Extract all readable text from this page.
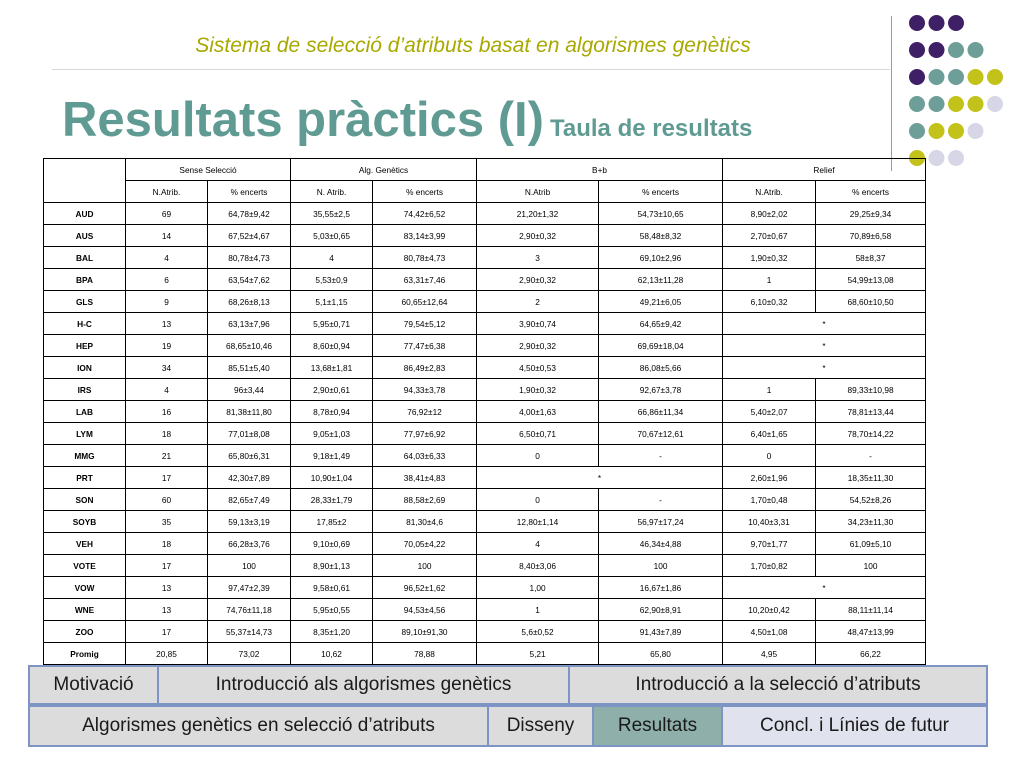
Sistema de selecció d’atributs basat en algorismes genètics
Resultats pràctics (I) Taula de resultats
	Sense Selecció		Alg. Genètics		B+b		Relief	
	N.Atrib.	% encerts	N. Atrib.	% encerts	N.Atrib	% encerts	N.Atrib.	% encerts
AUD	69	64,78±9,42	35,55±2,5	74,42±6,52	21,20±1,32	54,73±10,65	8,90±2,02	29,25±9,34
AUS	14	67,52±4,67	5,03±0,65	83,14±3,99	2,90±0,32	58,48±8,32	2,70±0,67	70,89±6,58
BAL	4	80,78±4,73	4	80,78±4,73	3	69,10±2,96	1,90±0,32	58±8,37
BPA	6	63,54±7,62	5,53±0,9	63,31±7,46	2,90±0,32	62,13±11,28	1	54,99±13,08
GLS	9	68,26±8,13	5,1±1,15	60,65±12,64	2	49,21±6,05	6,10±0,32	68,60±10,50
H-C	13	63,13±7,96	5,95±0,71	79,54±5,12	3,90±0,74	64,65±9,42	*	
HEP	19	68,65±10,46	8,60±0,94	77,47±6,38	2,90±0,32	69,69±18,04	*	
ION	34	85,51±5,40	13,68±1,81	86,49±2,83	4,50±0,53	86,08±5,66	*	
IRS	4	96±3,44	2,90±0,61	94,33±3,78	1,90±0,32	92,67±3,78	1	89,33±10,98
LAB	16	81,38±11,80	8,78±0,94	76,92±12	4,00±1,63	66,86±11,34	5,40±2,07	78,81±13,44
LYM	18	77,01±8,08	9,05±1,03	77,97±6,92	6,50±0,71	70,67±12,61	6,40±1,65	78,70±14,22
MMG	21	65,80±6,31	9,18±1,49	64,03±6,33	0	-	0	-
PRT	17	42,30±7,89	10,90±1,04	38,41±4,83	*		2,60±1,96	18,35±11,30
SON	60	82,65±7,49	28,33±1,79	88,58±2,69	0	-	1,70±0,48	54,52±8,26
SOYB	35	59,13±3,19	17,85±2	81,30±4,6	12,80±1,14	56,97±17,24	10,40±3,31	34,23±11,30
VEH	18	66,28±3,76	9,10±0,69	70,05±4,22	4	46,34±4,88	9,70±1,77	61,09±5,10
VOTE	17	100	8,90±1,13	100	8,40±3,06	100	1,70±0,82	100
VOW	13	97,47±2,39	9,58±0,61	96,52±1,62	1,00	16,67±1,86	*	
WNE	13	74,76±11,18	5,95±0,55	94,53±4,56	1	62,90±8,91	10,20±0,42	88,11±11,14
ZOO	17	55,37±14,73	8,35±1,20	89,10±91,30	5,6±0,52	91,43±7,89	4,50±1,08	48,47±13,99
Promig	20,85	73,02	10,62	78,88	5,21	65,80	4,95	66,22
Motivació	Introducció als algorismes genètics	Introducció a la selecció d’atributs
Algorismes genètics en selecció d’atributs	Disseny	Resultats	Concl. i Línies de futur
